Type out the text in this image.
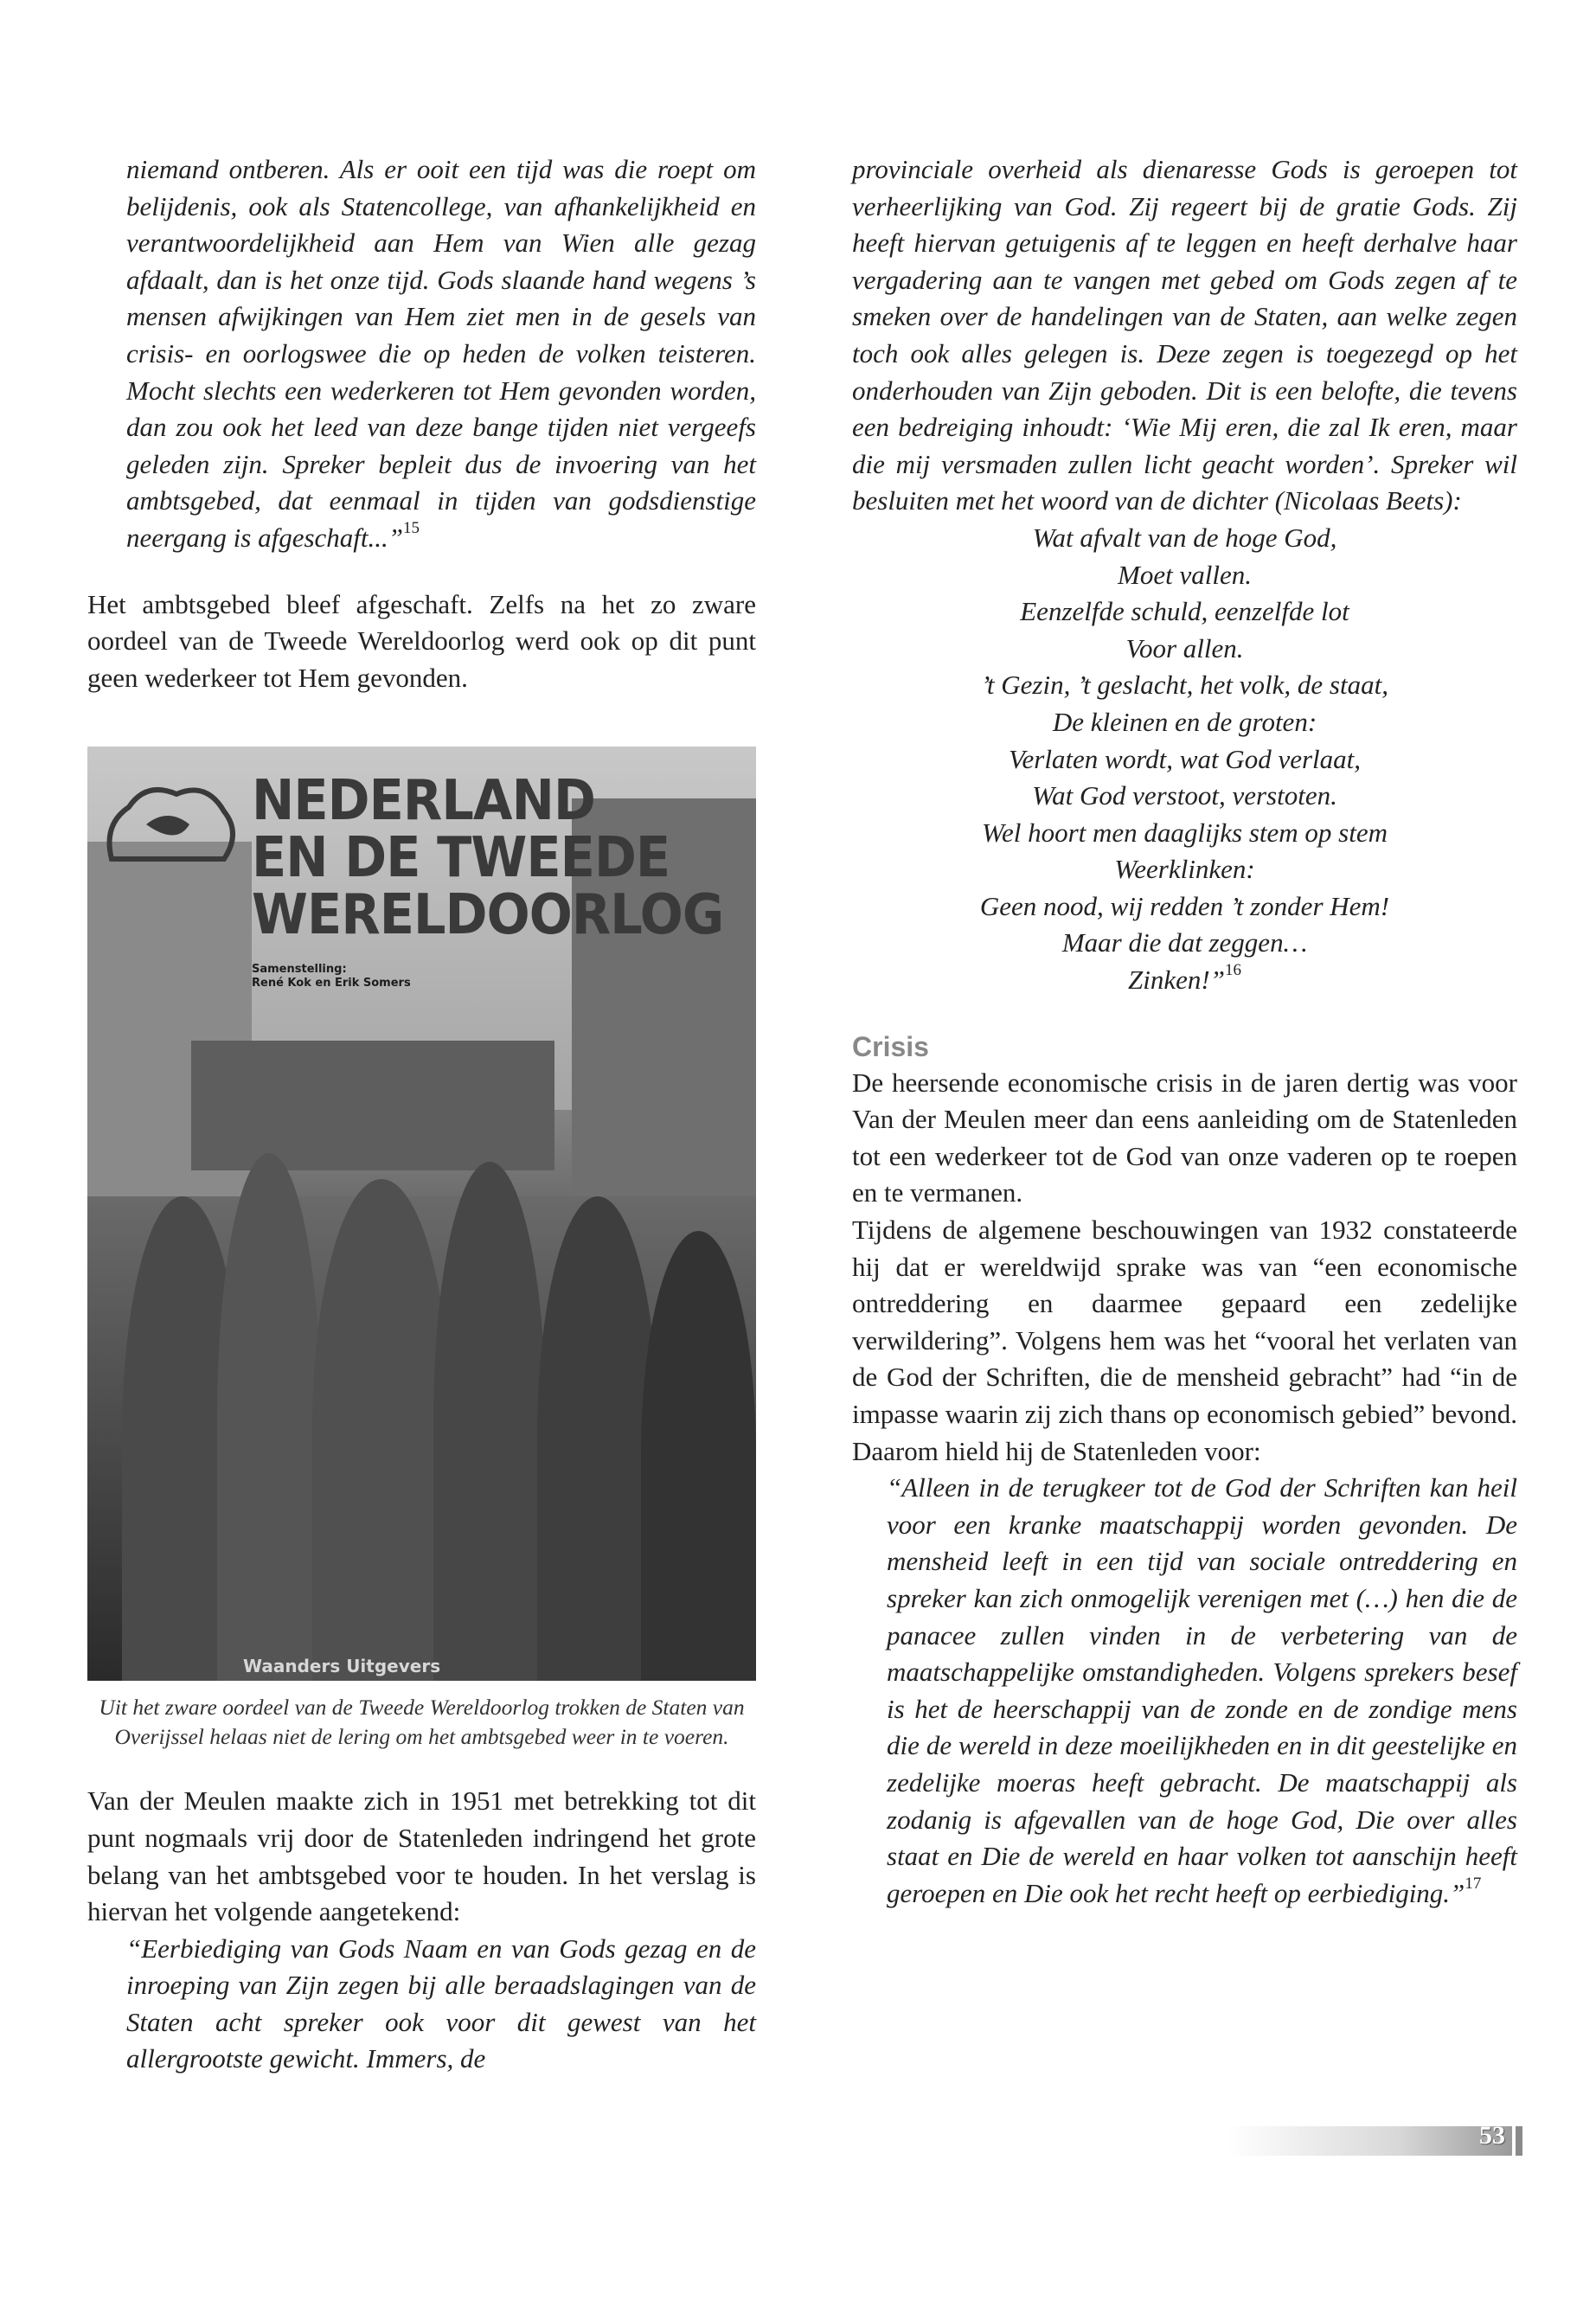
niemand ontberen. Als er ooit een tijd was die roept om belijdenis, ook als Statencollege, van afhankelijkheid en verantwoordelijkheid aan Hem van Wien alle gezag afdaalt, dan is het onze tijd. Gods slaande hand wegens ’s mensen afwijkingen van Hem ziet men in de gesels van crisis- en oorlogswee die op heden de volken teisteren. Mocht slechts een wederkeren tot Hem gevonden worden, dan zou ook het leed van deze bange tijden niet vergeefs geleden zijn. Spreker bepleit dus de invoering van het ambtsgebed, dat eenmaal in tijden van godsdienstige neergang is afgeschaft...”$^{15}$

Het ambtsgebed bleef afgeschaft. Zelfs na het zo zware oordeel van de Tweede Wereldoorlog werd ook op dit punt geen wederkeer tot Hem gevonden.

NEDERLAND
EN DE TWEEDE
WERELDOORLOG
Samenstelling:
René Kok en Erik Somers
Waanders Uitgevers
Uit het zware oordeel van de Tweede Wereldoorlog trokken de Staten van Overijssel helaas niet de lering om het ambtsgebed weer in te voeren.

Van der Meulen maakte zich in 1951 met betrekking tot dit punt nogmaals vrij door de Statenleden indringend het grote belang van het ambtsgebed voor te houden. In het verslag is hiervan het volgende aangetekend:

“Eerbiediging van Gods Naam en van Gods gezag en de inroeping van Zijn zegen bij alle beraadslagingen van de Staten acht spreker ook voor dit gewest van het allergrootste gewicht. Immers, de

provinciale overheid als dienaresse Gods is geroepen tot verheerlijking van God. Zij regeert bij de gratie Gods. Zij heeft hiervan getuigenis af te leggen en heeft derhalve haar vergadering aan te vangen met gebed om Gods zegen af te smeken over de handelingen van de Staten, aan welke zegen toch ook alles gelegen is. Deze zegen is toegezegd op het onderhouden van Zijn geboden. Dit is een belofte, die tevens een bedreiging inhoudt: ‘Wie Mij eren, die zal Ik eren, maar die mij versmaden zullen licht geacht worden’. Spreker wil besluiten met het woord van de dichter (Nicolaas Beets):

Wat afvalt van de hoge God,
Moet vallen.
Eenzelfde schuld, eenzelfde lot
Voor allen.
’t Gezin, ’t geslacht, het volk, de staat,
De kleinen en de groten:
Verlaten wordt, wat God verlaat,
Wat God verstoot, verstoten.
Wel hoort men daaglijks stem op stem
Weerklinken:
Geen nood, wij redden ’t zonder Hem!
Maar die dat zeggen…
Zinken!”$^{16}$
Crisis

De heersende economische crisis in de jaren dertig was voor Van der Meulen meer dan eens aanleiding om de Statenleden tot een wederkeer tot de God van onze vaderen op te roepen en te vermanen.

Tijdens de algemene beschouwingen van 1932 constateerde hij dat er wereldwijd sprake was van “een economische ontreddering en daarmee gepaard een zedelijke verwildering”. Volgens hem was het “vooral het verlaten van de God der Schriften, die de mensheid gebracht” had “in de impasse waarin zij zich thans op economisch gebied” bevond. Daarom hield hij de Statenleden voor:

“Alleen in de terugkeer tot de God der Schriften kan heil voor een kranke maatschappij worden gevonden. De mensheid leeft in een tijd van sociale ontreddering en spreker kan zich onmogelijk verenigen met (…) hen die de panacee zullen vinden in de verbetering van de maatschappelijke omstandigheden. Volgens sprekers besef is het de heerschappij van de zonde en de zondige mens die de wereld in deze moeilijkheden en in dit geestelijke en zedelijke moeras heeft gebracht. De maatschappij als zodanig is afgevallen van de hoge God, Die over alles staat en Die de wereld en haar volken tot aanschijn heeft geroepen en Die ook het recht heeft op eerbiediging.”$^{17}$

53
